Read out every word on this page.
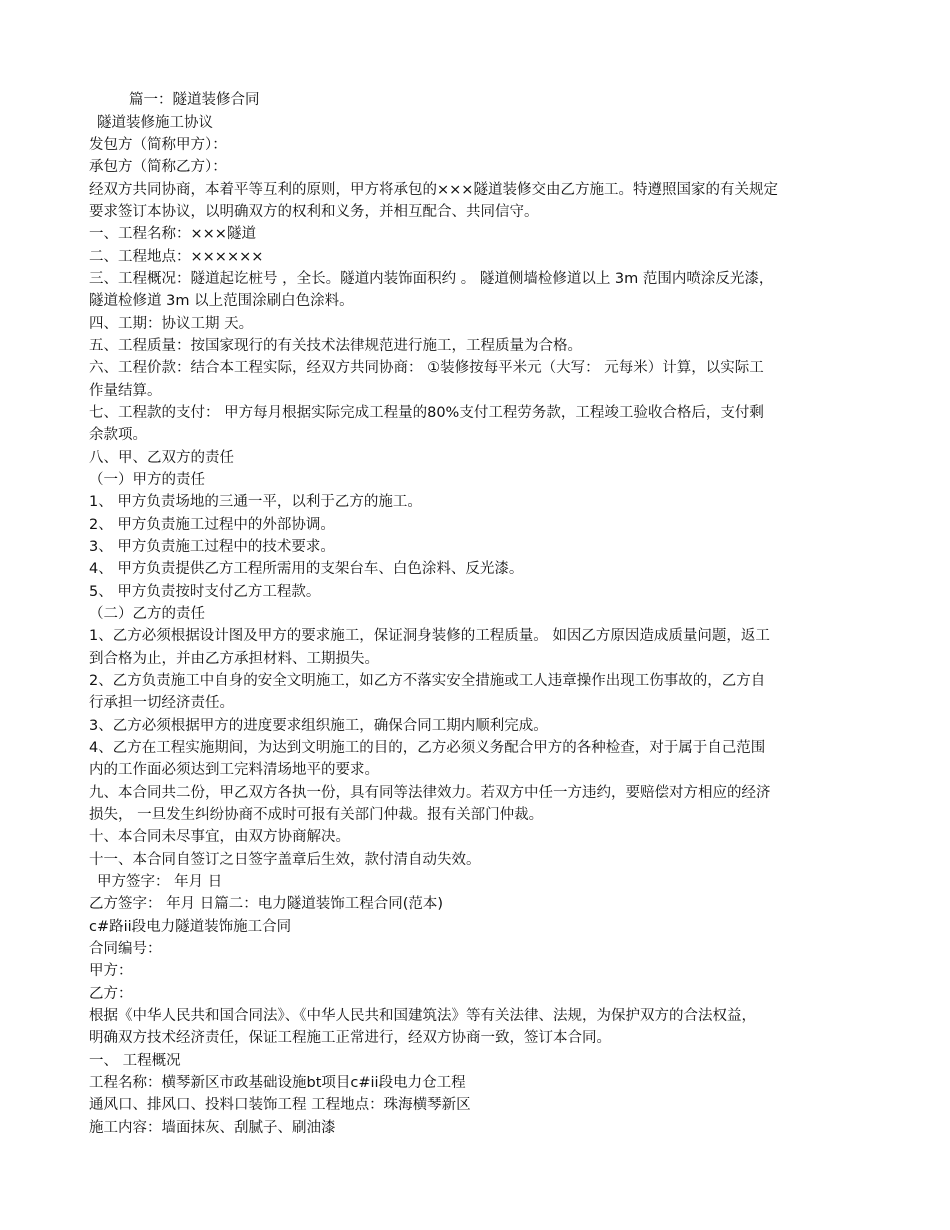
篇一：隧道装修合同
隧道装修施工协议
发包方（简称甲方）：
承包方（简称乙方）：
经双方共同协商，本着平等互利的原则，甲方将承包的×××隧道装修交由乙方施工。特遵照国家的有关规定
要求签订本协议，以明确双方的权利和义务，并相互配合、共同信守。
一、工程名称：×××隧道
二、工程地点：××××××
三、工程概况：隧道起讫桩号 ，全长。隧道内装饰面积约 。 隧道侧墙检修道以上 3m 范围内喷涂反光漆，
隧道检修道 3m 以上范围涂刷白色涂料。
四、工期：协议工期 天。
五、工程质量：按国家现行的有关技术法律规范进行施工，工程质量为合格。
六、工程价款：结合本工程实际，经双方共同协商： ①装修按每平米元（大写： 元每米）计算，以实际工
作量结算。
七、工程款的支付： 甲方每月根据实际完成工程量的80%支付工程劳务款，工程竣工验收合格后，支付剩
余款项。
八、甲、乙双方的责任
（一）甲方的责任
1、 甲方负责场地的三通一平，以利于乙方的施工。
2、 甲方负责施工过程中的外部协调。
3、 甲方负责施工过程中的技术要求。
4、 甲方负责提供乙方工程所需用的支架台车、白色涂料、反光漆。
5、 甲方负责按时支付乙方工程款。
（二）乙方的责任
1、乙方必须根据设计图及甲方的要求施工，保证洞身装修的工程质量。 如因乙方原因造成质量问题，返工
到合格为止，并由乙方承担材料、工期损失。
2、乙方负责施工中自身的安全文明施工，如乙方不落实安全措施或工人违章操作出现工伤事故的，乙方自
行承担一切经济责任。
3、乙方必须根据甲方的进度要求组织施工，确保合同工期内顺利完成。
4、乙方在工程实施期间，为达到文明施工的目的，乙方必须义务配合甲方的各种检查，对于属于自己范围
内的工作面必须达到工完料清场地平的要求。
九、本合同共二份，甲乙双方各执一份，具有同等法律效力。若双方中任一方违约，要赔偿对方相应的经济
损失， 一旦发生纠纷协商不成时可报有关部门仲裁。报有关部门仲裁。
十、本合同未尽事宜，由双方协商解决。
十一、本合同自签订之日签字盖章后生效，款付清自动失效。
甲方签字： 年月 日
乙方签字： 年月 日篇二：电力隧道装饰工程合同(范本)
c#路ii段电力隧道装饰施工合同
合同编号：
甲方：
乙方：
根据《中华人民共和国合同法》、《中华人民共和国建筑法》等有关法律、法规，为保护双方的合法权益，
明确双方技术经济责任，保证工程施工正常进行，经双方协商一致，签订本合同。
一、 工程概况
工程名称：横琴新区市政基础设施bt项目c#ii段电力仓工程
通风口、排风口、投料口装饰工程 工程地点：珠海横琴新区
施工内容：墙面抹灰、刮腻子、刷油漆
